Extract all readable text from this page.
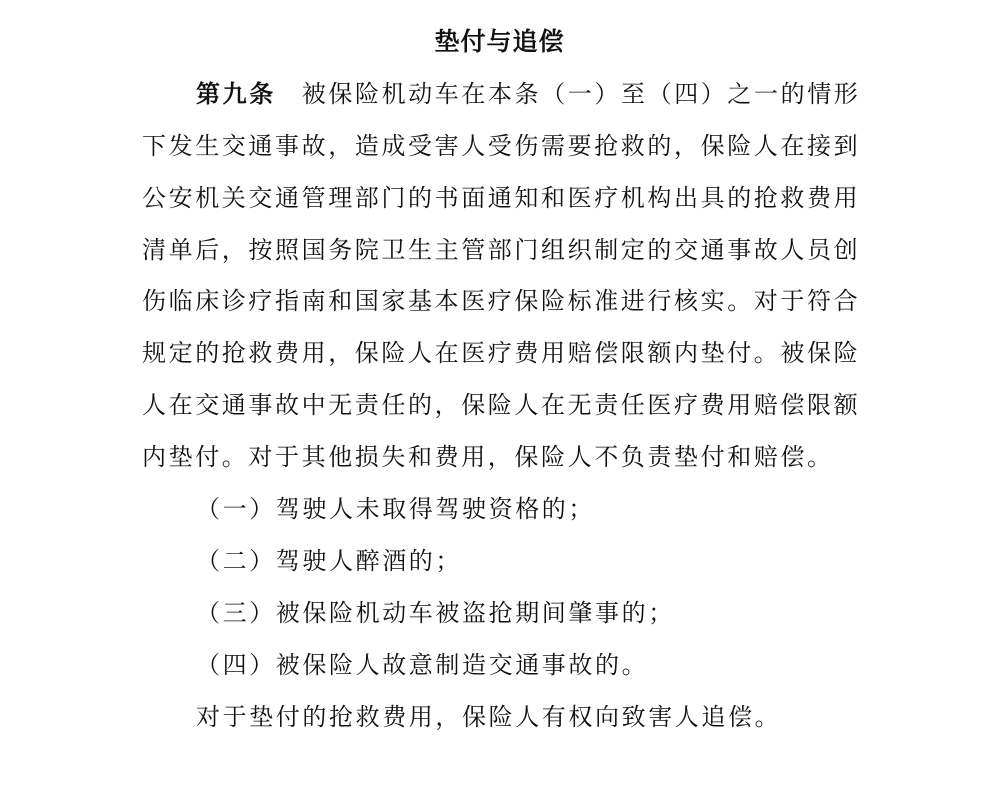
垫付与追偿
第九条 被保险机动车在本条（一）至（四）之一的情形
下发生交通事故，造成受害人受伤需要抢救的，保险人在接到
公安机关交通管理部门的书面通知和医疗机构出具的抢救费用
清单后，按照国务院卫生主管部门组织制定的交通事故人员创
伤临床诊疗指南和国家基本医疗保险标准进行核实。对于符合
规定的抢救费用，保险人在医疗费用赔偿限额内垫付。被保险
人在交通事故中无责任的，保险人在无责任医疗费用赔偿限额
内垫付。对于其他损失和费用，保险人不负责垫付和赔偿。
（一）驾驶人未取得驾驶资格的；
（二）驾驶人醉酒的；
（三）被保险机动车被盗抢期间肇事的；
（四）被保险人故意制造交通事故的。
对于垫付的抢救费用，保险人有权向致害人追偿。
